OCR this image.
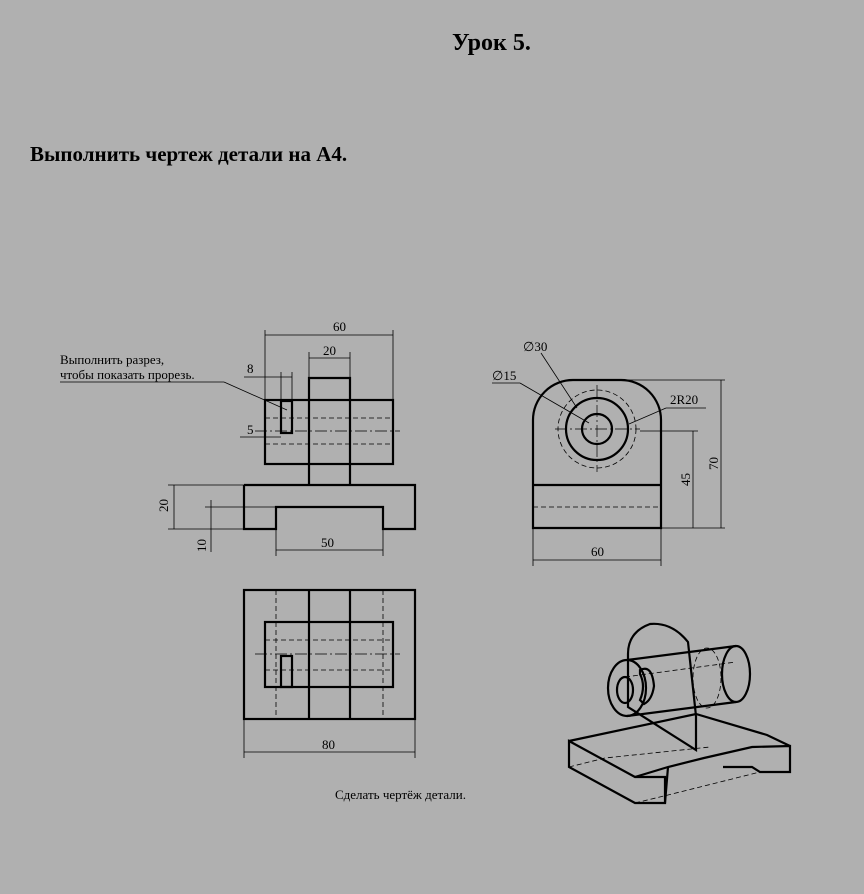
Урок 5.
Выполнить чертеж детали на А4.
60
20
8
5
Выполнить разрез,
чтобы показать прорезь.
20
10	50
∅30
∅15
2R20
45
70
60
80
Сделать чертёж детали.
